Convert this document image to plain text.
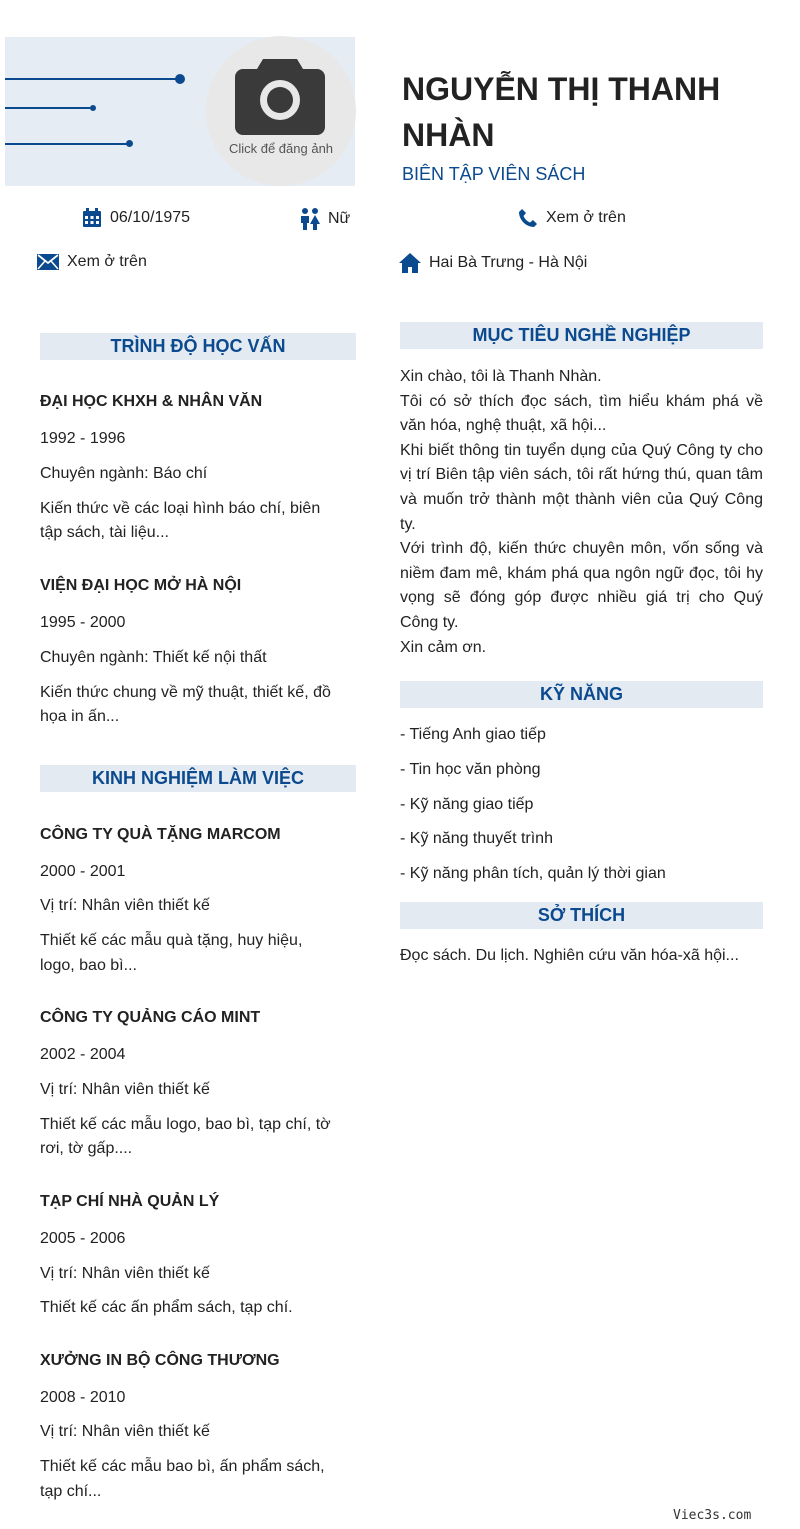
Click để đăng ảnh
NGUYỄN THỊ THANH NHÀN
BIÊN TẬP VIÊN SÁCH
06/10/1975	Nữ	Xem ở trên
Xem ở trên	Hai Bà Trưng - Hà Nội
TRÌNH ĐỘ HỌC VẤN
ĐẠI HỌC KHXH & NHÂN VĂN
1992 - 1996
Chuyên ngành: Báo chí
Kiến thức về các loại hình báo chí, biên
tập sách, tài liệu...
VIỆN ĐẠI HỌC MỞ HÀ NỘI
1995 - 2000
Chuyên ngành: Thiết kế nội thất
Kiến thức chung về mỹ thuật, thiết kế, đồ
họa in ấn...
KINH NGHIỆM LÀM VIỆC
CÔNG TY QUÀ TẶNG MARCOM
2000 - 2001
Vị trí: Nhân viên thiết kế
Thiết kế các mẫu quà tặng, huy hiệu,
logo, bao bì...
CÔNG TY QUẢNG CÁO MINT
2002 - 2004
Vị trí: Nhân viên thiết kế
Thiết kế các mẫu logo, bao bì, tạp chí, tờ
rơi, tờ gấp....
TẠP CHÍ NHÀ QUẢN LÝ
2005 - 2006
Vị trí: Nhân viên thiết kế
Thiết kế các ấn phẩm sách, tạp chí.
XƯỞNG IN BỘ CÔNG THƯƠNG
2008 - 2010
Vị trí: Nhân viên thiết kế
Thiết kế các mẫu bao bì, ấn phẩm sách,
tạp chí...
MỤC TIÊU NGHỀ NGHIỆP

Xin chào, tôi là Thanh Nhàn.

Tôi có sở thích đọc sách, tìm hiểu khám phá về văn hóa, nghệ thuật, xã hội...

Khi biết thông tin tuyển dụng của Quý Công ty cho vị trí Biên tập viên sách, tôi rất hứng thú, quan tâm và muốn trở thành một thành viên của Quý Công ty.

Với trình độ, kiến thức chuyên môn, vốn sống và niềm đam mê, khám phá qua ngôn ngữ đọc, tôi hy vọng sẽ đóng góp được nhiều giá trị cho Quý Công ty.

Xin cảm ơn.

KỸ NĂNG
- Tiếng Anh giao tiếp
- Tin học văn phòng
- Kỹ năng giao tiếp
- Kỹ năng thuyết trình
- Kỹ năng phân tích, quản lý thời gian
SỞ THÍCH
Đọc sách. Du lịch. Nghiên cứu văn hóa-xã hội...
Viec3s.com
